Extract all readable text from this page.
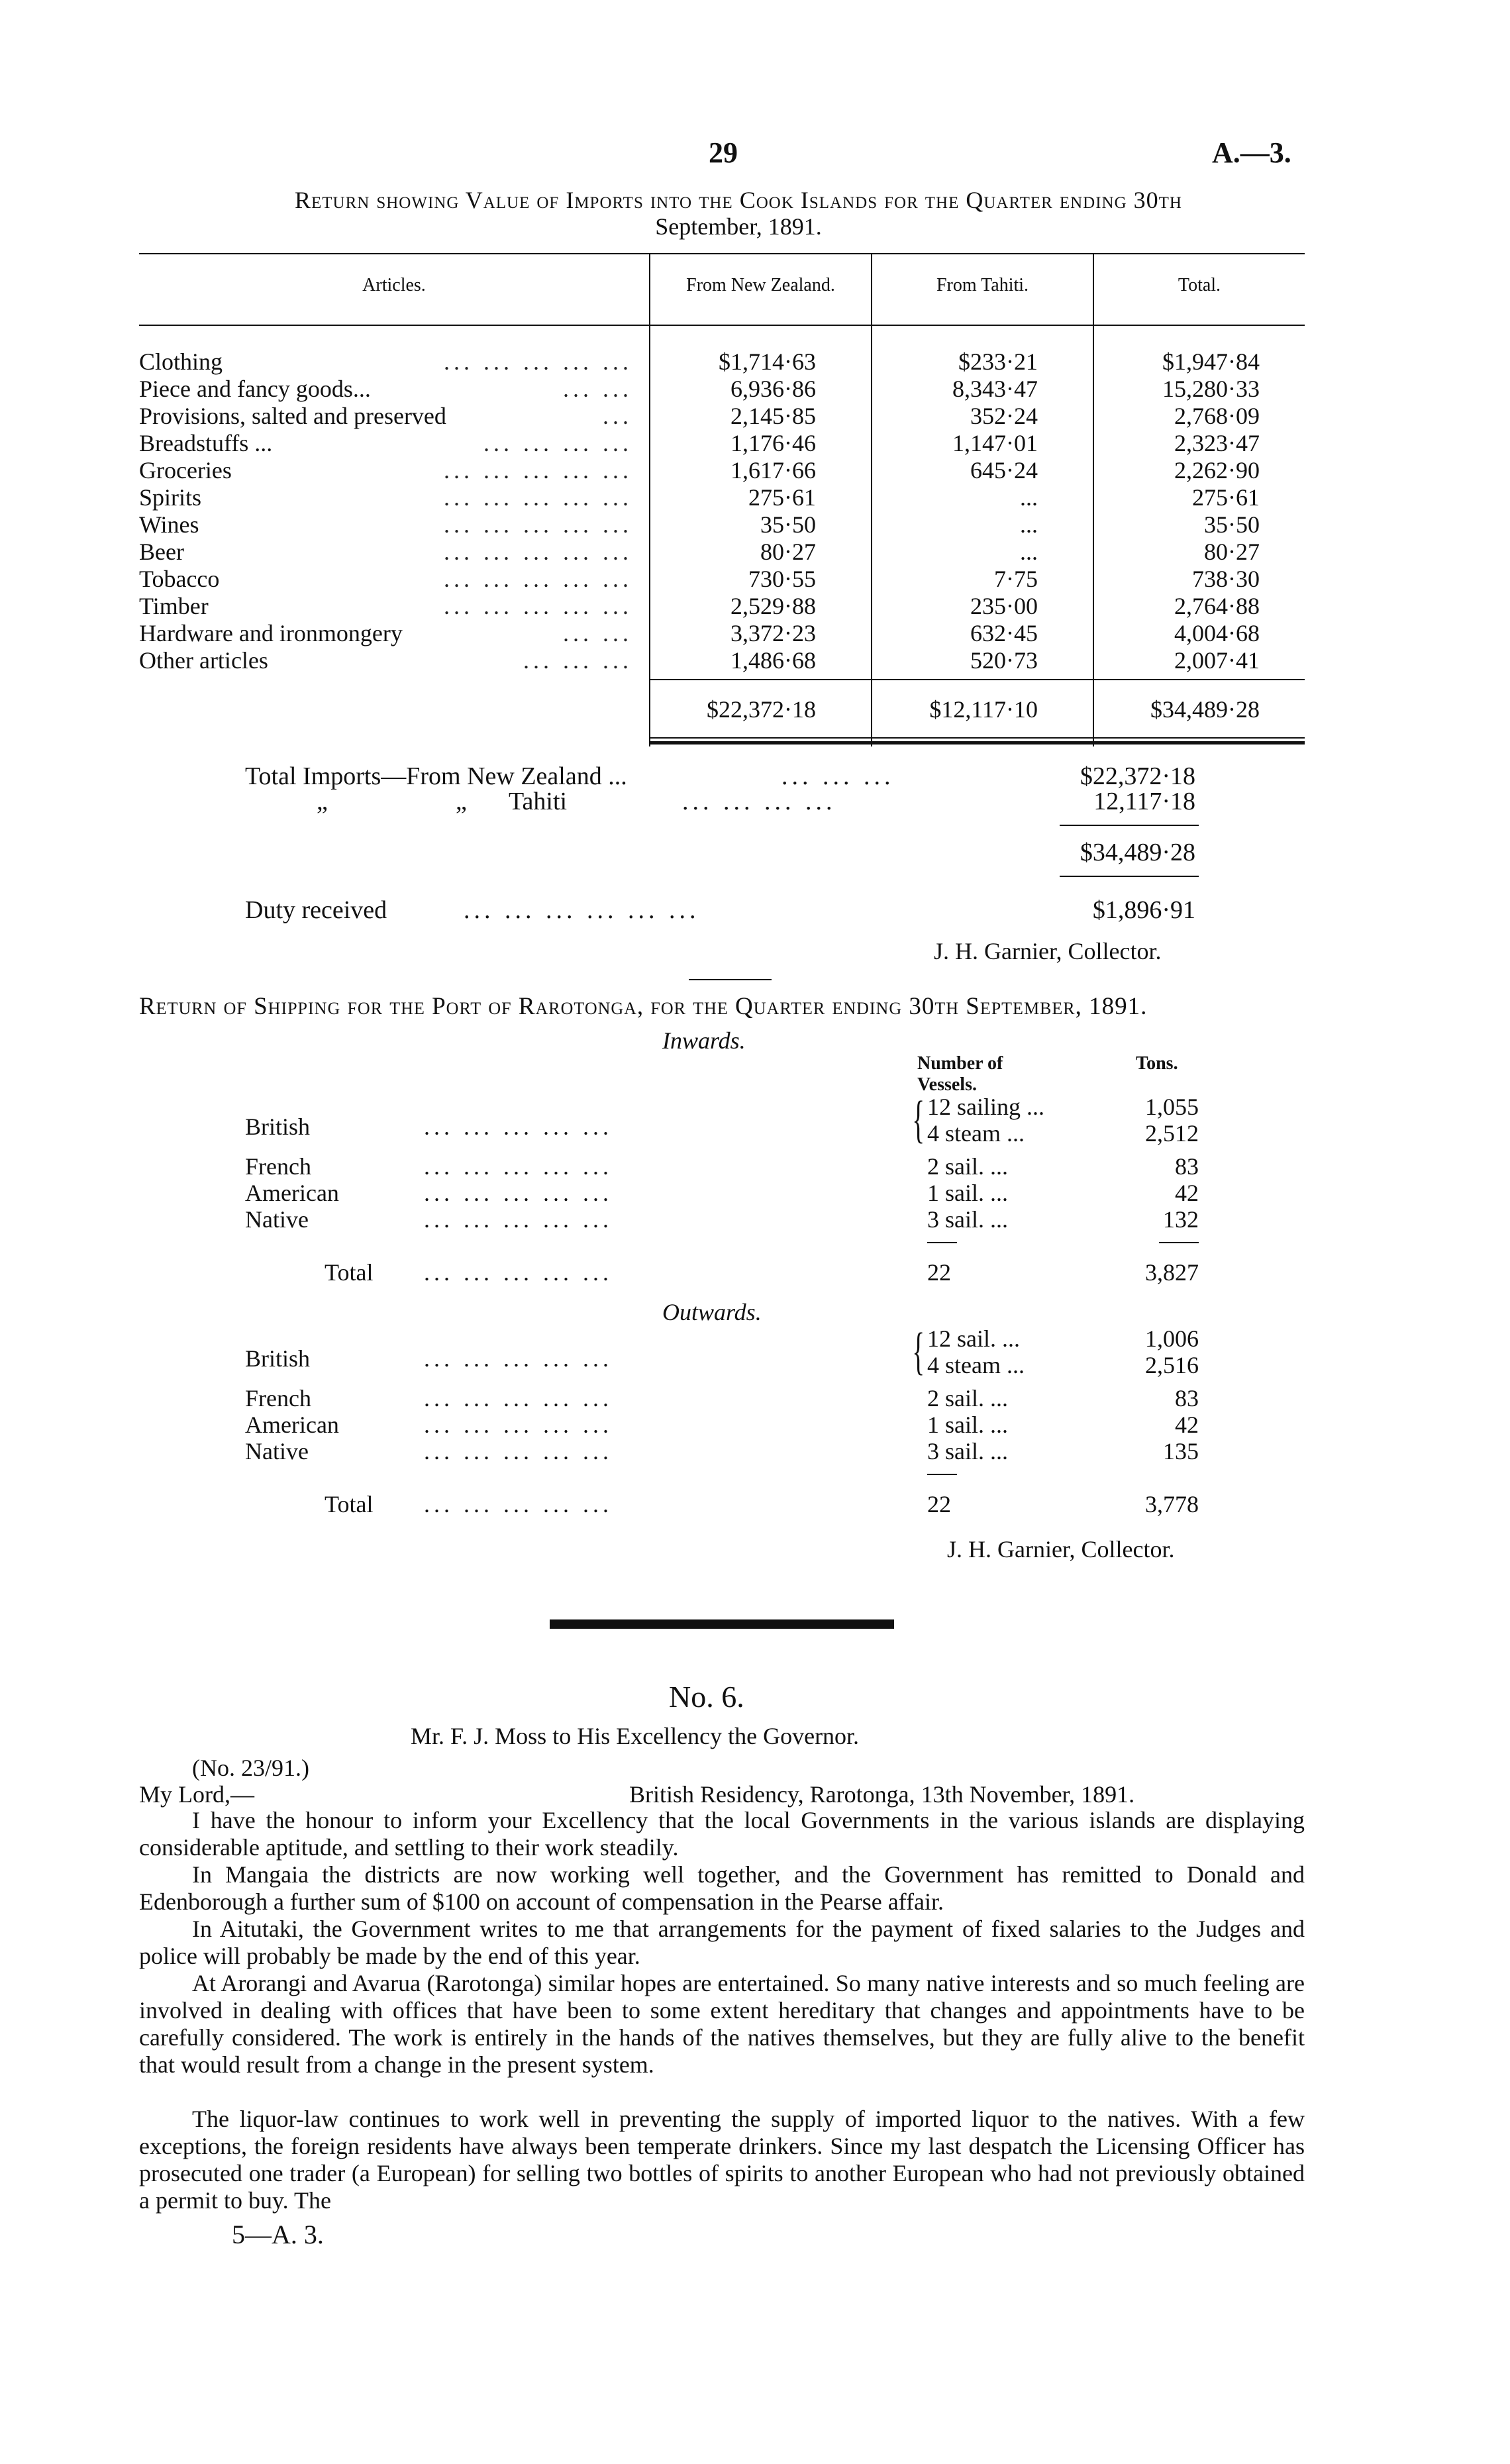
29	A.—3.
Return showing Value of Imports into the Cook Islands for the Quarter ending 30th
September, 1891.
Articles.	From New Zealand.	From Tahiti.	Total.
Clothing	... ... ... ... ...	$1,714·63	$233·21	$1,947·84
Piece and fancy goods...	... ...	6,936·86	8,343·47	15,280·33
Provisions, salted and preserved	...	2,145·85	352·24	2,768·09
Breadstuffs ...	... ... ... ...	1,176·46	1,147·01	2,323·47
Groceries	... ... ... ... ...	1,617·66	645·24	2,262·90
Spirits	... ... ... ... ...	275·61	...	275·61
Wines	... ... ... ... ...	35·50	...	35·50
Beer	... ... ... ... ...	80·27	...	80·27
Tobacco	... ... ... ... ...	730·55	7·75	738·30
Timber	... ... ... ... ...	2,529·88	235·00	2,764·88
Hardware and ironmongery	... ...	3,372·23	632·45	4,004·68
Other articles	... ... ...	1,486·68	520·73	2,007·41
$22,372·18	$12,117·10	$34,489·28
Total Imports—From New Zealand ...	... ... ...	$22,372·18
„	„ Tahiti	... ... ... ...	12,117·18
$34,489·28
Duty received	... ... ... ... ... ...	$1,896·91
J. H. Garnier, Collector.
Return of Shipping for the Port of Rarotonga, for the Quarter ending 30th September, 1891.
Inwards.
Number of Vessels.
Tons.
British	... ... ... ... ...	{ 12 sailing ...	1,055
4 steam ...	2,512
French	... ... ... ... ...	2 sail. ...	83
American	... ... ... ... ...	1 sail. ...	42
Native	... ... ... ... ...	3 sail. ...	132
Total ... ... ... ... ...	22	3,827
Outwards.
British	... ... ... ... ...	{ 12 sail. ...	1,006
4 steam ...	2,516
French	... ... ... ... ...	2 sail. ...	83
American	... ... ... ... ...	1 sail. ...	42
Native	... ... ... ... ...	3 sail. ...	135
Total ... ... ... ... ...	22	3,778
J. H. Garnier, Collector.
No. 6.
Mr. F. J. Moss to His Excellency the Governor.
(No. 23/91.)
My Lord,—	British Residency, Rarotonga, 13th November, 1891.
I have the honour to inform your Excellency that the local Governments in the various islands are displaying considerable aptitude, and settling to their work steadily.
In Mangaia the districts are now working well together, and the Government has remitted to Donald and Edenborough a further sum of $100 on account of compensation in the Pearse affair.
In Aitutaki, the Government writes to me that arrangements for the payment of fixed salaries to the Judges and police will probably be made by the end of this year.
At Arorangi and Avarua (Rarotonga) similar hopes are entertained. So many native interests and so much feeling are involved in dealing with offices that have been to some extent hereditary that changes and appointments have to be carefully considered. The work is entirely in the hands of the natives themselves, but they are fully alive to the benefit that would result from a change in the present system.
The liquor-law continues to work well in preventing the supply of imported liquor to the natives. With a few exceptions, the foreign residents have always been temperate drinkers. Since my last despatch the Licensing Officer has prosecuted one trader (a European) for selling two bottles of spirits to another European who had not previously obtained a permit to buy. The
5—A. 3.
